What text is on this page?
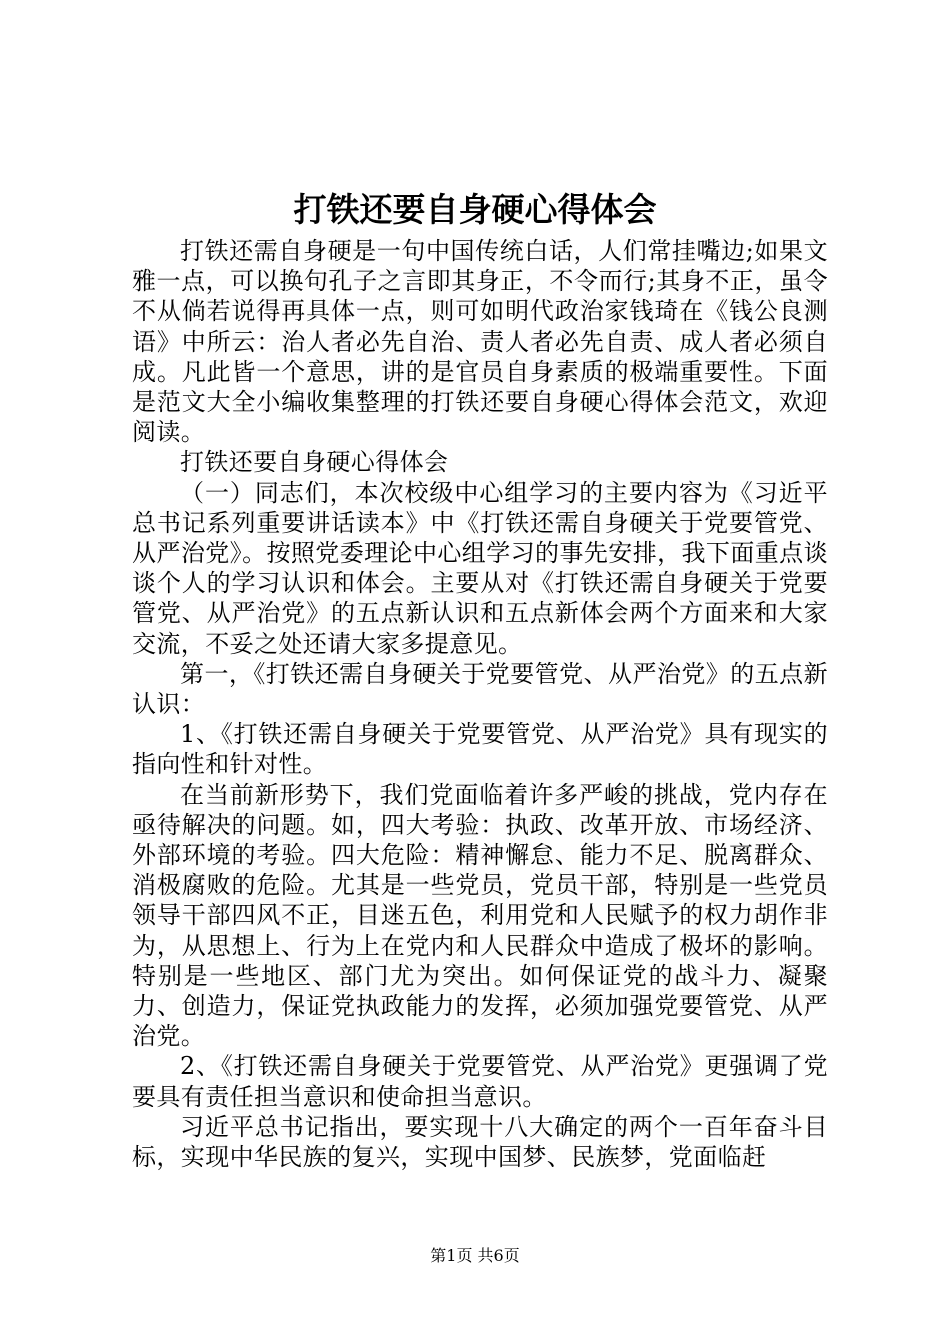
打铁还要自身硬心得体会

打铁还需自身硬是一句中国传统白话，人们常挂嘴边;如果文雅一点，可以换句孔子之言即其身正，不令而行;其身不正，虽令不从倘若说得再具体一点，则可如明代政治家钱琦在《钱公良测语》中所云：治人者必先自治、责人者必先自责、成人者必须自成。凡此皆一个意思，讲的是官员自身素质的极端重要性。下面是范文大全小编收集整理的打铁还要自身硬心得体会范文，欢迎阅读。

打铁还要自身硬心得体会

（一）同志们，本次校级中心组学习的主要内容为《习近平总书记系列重要讲话读本》中《打铁还需自身硬关于党要管党、从严治党》。按照党委理论中心组学习的事先安排，我下面重点谈谈个人的学习认识和体会。主要从对《打铁还需自身硬关于党要管党、从严治党》的五点新认识和五点新体会两个方面来和大家交流，不妥之处还请大家多提意见。

第一，《打铁还需自身硬关于党要管党、从严治党》的五点新认识：

1、《打铁还需自身硬关于党要管党、从严治党》具有现实的指向性和针对性。

在当前新形势下，我们党面临着许多严峻的挑战，党内存在亟待解决的问题。如，四大考验：执政、改革开放、市场经济、外部环境的考验。四大危险：精神懈怠、能力不足、脱离群众、消极腐败的危险。尤其是一些党员，党员干部，特别是一些党员领导干部四风不正，目迷五色，利用党和人民赋予的权力胡作非为，从思想上、行为上在党内和人民群众中造成了极坏的影响。特别是一些地区、部门尤为突出。如何保证党的战斗力、凝聚力、创造力，保证党执政能力的发挥，必须加强党要管党、从严治党。

2、《打铁还需自身硬关于党要管党、从严治党》更强调了党要具有责任担当意识和使命担当意识。

习近平总书记指出，要实现十八大确定的两个一百年奋斗目标，实现中华民族的复兴，实现中国梦、民族梦，党面临赶

第1页 共6页
